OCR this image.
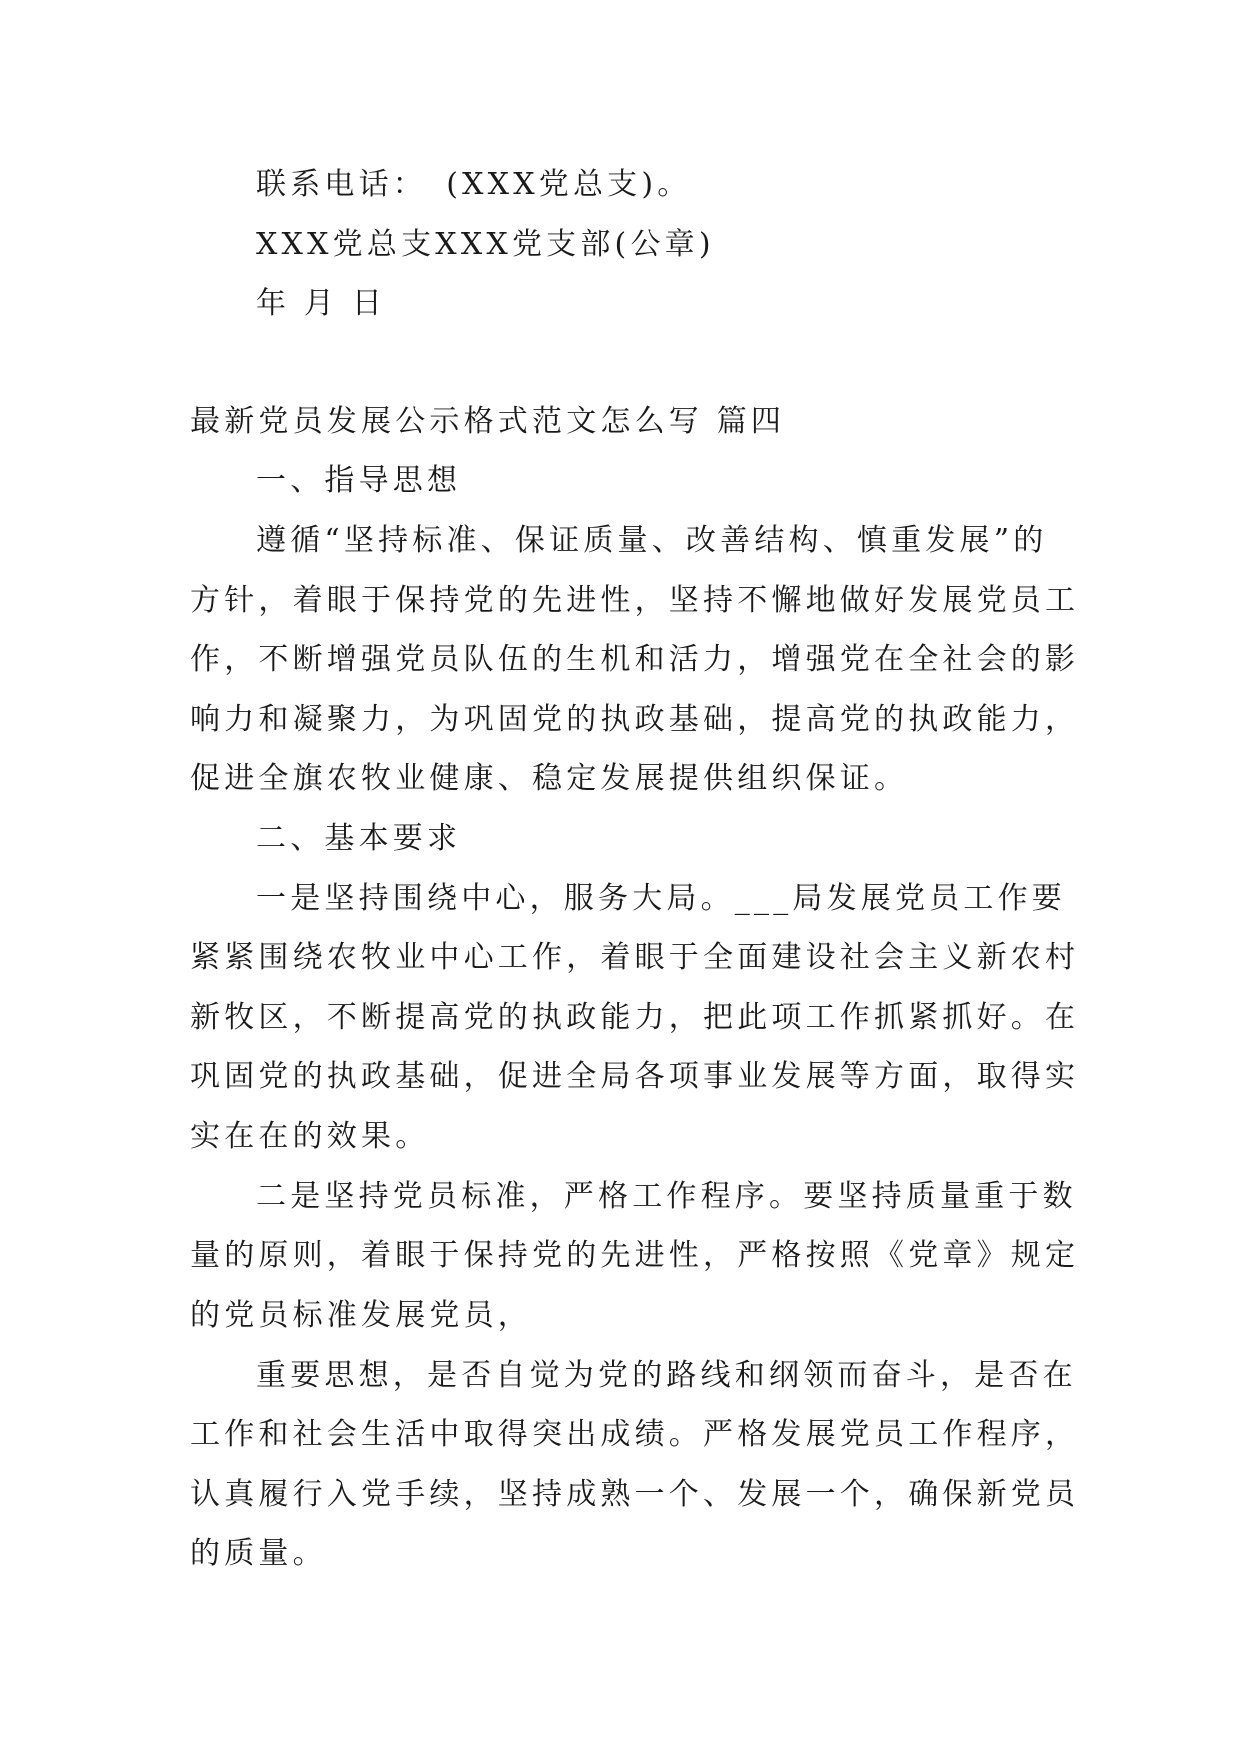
联系电话：　(XXX党总支)。
XXX党总支XXX党支部(公章)
年 月 日
最新党员发展公示格式范文怎么写 篇四
一、指导思想
遵循“坚持标准、保证质量、改善结构、慎重发展”的
方针，着眼于保持党的先进性，坚持不懈地做好发展党员工
作，不断增强党员队伍的生机和活力，增强党在全社会的影
响力和凝聚力，为巩固党的执政基础，提高党的执政能力，
促进全旗农牧业健康、稳定发展提供组织保证。
二、基本要求
一是坚持围绕中心，服务大局。___局发展党员工作要
紧紧围绕农牧业中心工作，着眼于全面建设社会主义新农村
新牧区，不断提高党的执政能力，把此项工作抓紧抓好。在
巩固党的执政基础，促进全局各项事业发展等方面，取得实
实在在的效果。
二是坚持党员标准，严格工作程序。要坚持质量重于数
量的原则，着眼于保持党的先进性，严格按照《党章》规定
的党员标准发展党员，
重要思想，是否自觉为党的路线和纲领而奋斗，是否在
工作和社会生活中取得突出成绩。严格发展党员工作程序，
认真履行入党手续，坚持成熟一个、发展一个，确保新党员
的质量。
